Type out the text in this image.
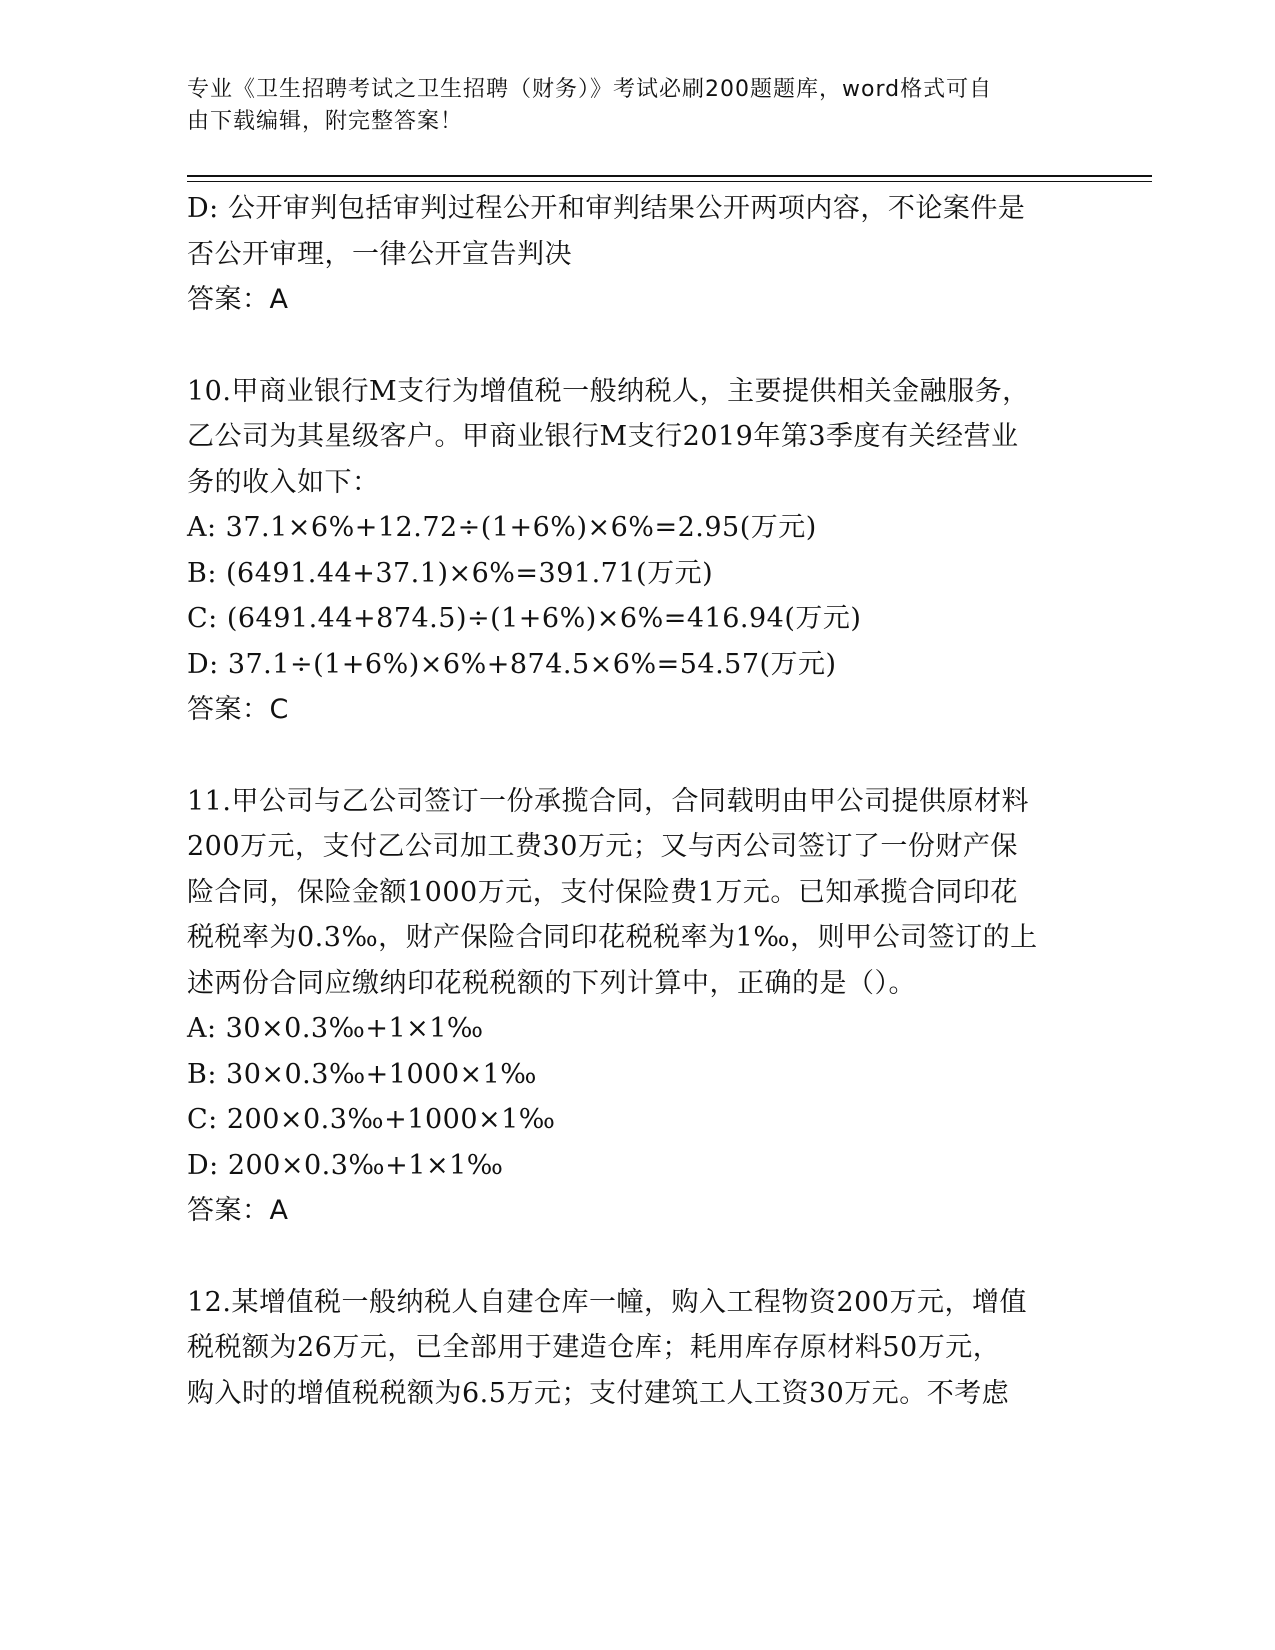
专业《卫生招聘考试之卫生招聘（财务）》考试必刷200题题库，word格式可自
由下载编辑，附完整答案！
D: 公开审判包括审判过程公开和审判结果公开两项内容，不论案件是
否公开审理，一律公开宣告判决
答案：A
10.甲商业银行M支行为增值税一般纳税人，主要提供相关金融服务，
乙公司为其星级客户。甲商业银行M支行2019年第3季度有关经营业
务的收入如下：
A: 37.1×6%+12.72÷(1+6%)×6%=2.95(万元)
B: (6491.44+37.1)×6%=391.71(万元)
C: (6491.44+874.5)÷(1+6%)×6%=416.94(万元)
D: 37.1÷(1+6%)×6%+874.5×6%=54.57(万元)
答案：C
11.甲公司与乙公司签订一份承揽合同，合同载明由甲公司提供原材料
200万元，支付乙公司加工费30万元；又与丙公司签订了一份财产保
险合同，保险金额1000万元，支付保险费1万元。已知承揽合同印花
税税率为0.3‰，财产保险合同印花税税率为1‰，则甲公司签订的上
述两份合同应缴纳印花税税额的下列计算中，正确的是（）。
A: 30×0.3‰+1×1‰
B: 30×0.3‰+1000×1‰
C: 200×0.3‰+1000×1‰
D: 200×0.3‰+1×1‰
答案：A
12.某增值税一般纳税人自建仓库一幢，购入工程物资200万元，增值
税税额为26万元，已全部用于建造仓库；耗用库存原材料50万元，
购入时的增值税税额为6.5万元；支付建筑工人工资30万元。不考虑
